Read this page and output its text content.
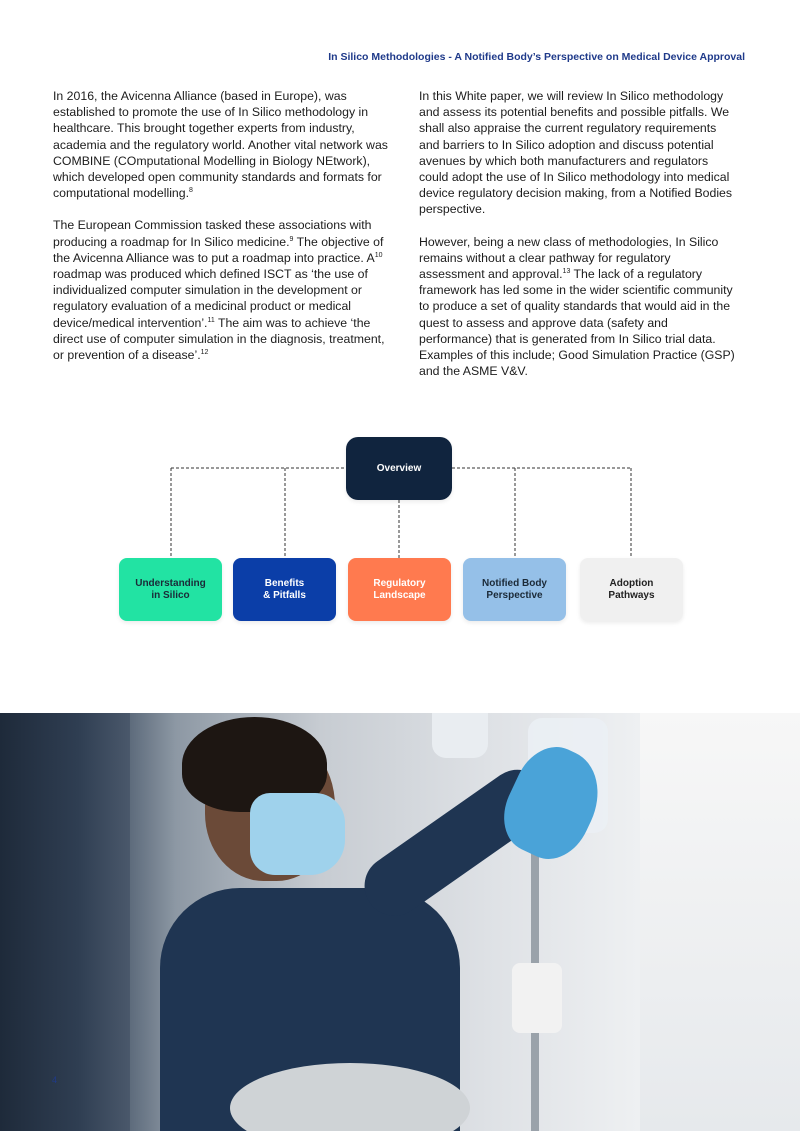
In Silico Methodologies - A Notified Body’s Perspective on Medical Device Approval

In 2016, the Avicenna Alliance (based in Europe), was established to promote the use of In Silico methodology in healthcare. This brought together experts from industry, academia and the regulatory world. Another vital network was COMBINE (COmputational Modelling in Biology NEtwork), which developed open community standards and formats for computational modelling.$^8$

The European Commission tasked these associations with producing a roadmap for In Silico medicine.$^9$ The objective of the Avicenna Alliance was to put a roadmap into practice. $A^{10}$ roadmap was produced which defined ISCT as ‘the use of individualized computer simulation in the development or regulatory evaluation of a medicinal product or medical device/medical intervention’.$^{11}$ The aim was to achieve ‘the direct use of computer simulation in the diagnosis, treatment, or prevention of a disease’.$^{12}$

In this White paper, we will review In Silico methodology and assess its potential benefits and possible pitfalls. We shall also appraise the current regulatory requirements and barriers to In Silico adoption and discuss potential avenues by which both manufacturers and regulators could adopt the use of In Silico methodology into medical device regulatory decision making, from a Notified Bodies perspective.

However, being a new class of methodologies, In Silico remains without a clear pathway for regulatory assessment and approval.$^{13}$ The lack of a regulatory framework has led some in the wider scientific community to produce a set of quality standards that would aid in the quest to assess and approve data (safety and performance) that is generated from In Silico trial data. Examples of this include; Good Simulation Practice (GSP) and the ASME V&V.

Overview
Understanding
in Silico
Benefits
& Pitfalls
Regulatory
Landscape
Notified Body
Perspective
Adoption
Pathways
4
